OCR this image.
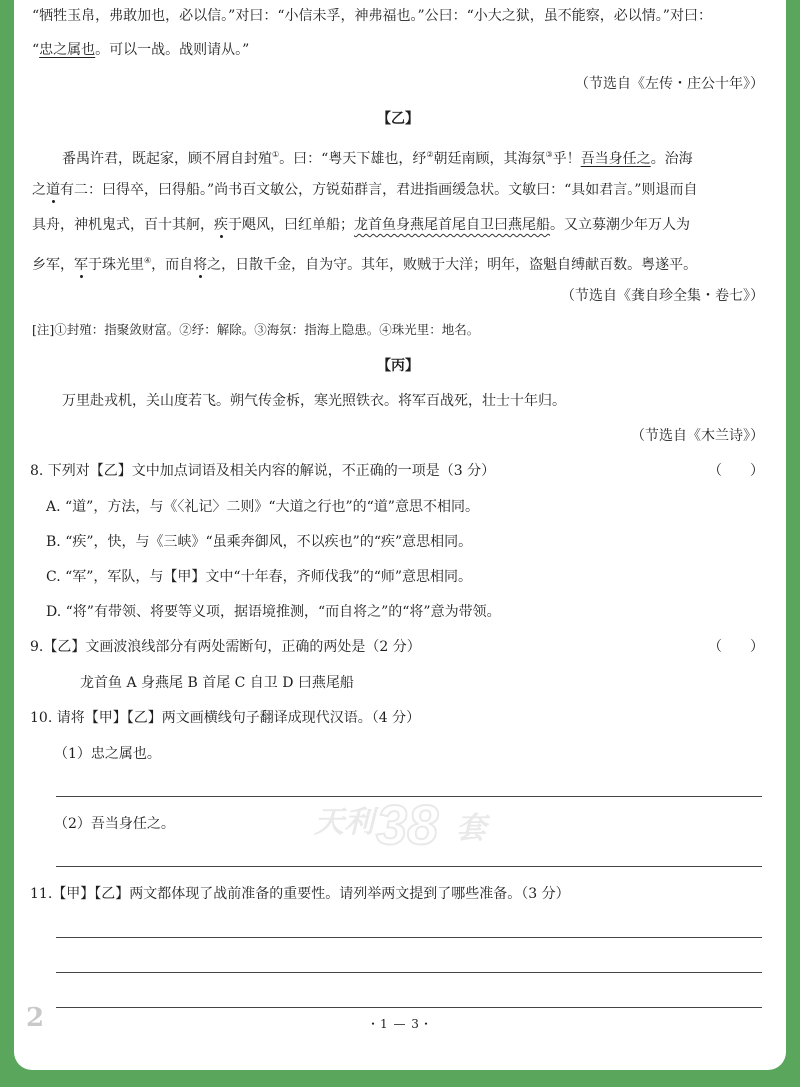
“牺牲玉帛，弗敢加也，必以信。”对曰：“小信未孚，神弗福也。”公曰：“小大之狱，虽不能察，必以情。”对曰：
“忠之属也。可以一战。战则请从。”
（节选自《左传・庄公十年》）
【乙】
番禺许君，既起家，顾不屑自封殖①。曰：“粤天下雄也，纾②朝廷南顾，其海氛③乎！吾当身任之。治海
之道有二：曰得卒，曰得船。”尚书百文敏公，方锐茹群言，君进指画缓急状。文敏曰：“具如君言。”则退而自
具舟，神机鬼式，百十其舸，疾于飓风，曰红单船；龙首鱼身燕尾首尾自卫曰燕尾船。又立募潮少年万人为
乡军，军于珠光里④，而自将之，日散千金，自为守。其年，败贼于大洋；明年，盗魁自缚献百数。粤遂平。
（节选自《龚自珍全集・卷七》）
[注]①封殖：指聚敛财富。②纾：解除。③海氛：指海上隐患。④珠光里：地名。
【丙】
万里赴戎机，关山度若飞。朔气传金柝，寒光照铁衣。将军百战死，壮士十年归。
（节选自《木兰诗》）
8. 下列对【乙】文中加点词语及相关内容的解说，不正确的一项是（3 分）	（　　）
A. “道”，方法，与《〈礼记〉二则》“大道之行也”的“道”意思不相同。
B. “疾”，快，与《三峡》“虽乘奔御风，不以疾也”的“疾”意思相同。
C. “军”，军队，与【甲】文中“十年春，齐师伐我”的“师”意思相同。
D. “将”有带领、将要等义项，据语境推测，“而自将之”的“将”意为带领。
9.【乙】文画波浪线部分有两处需断句，正确的两处是（2 分）	（　　）
龙首鱼 A 身燕尾 B 首尾 C 自卫 D 曰燕尾船
10. 请将【甲】【乙】两文画横线句子翻译成现代汉语。（4 分）
（1）忠之属也。
（2）吾当身任之。
11.【甲】【乙】两文都体现了战前准备的重要性。请列举两文提到了哪些准备。（3 分）
天利 38 套
2	・1 — 3・
